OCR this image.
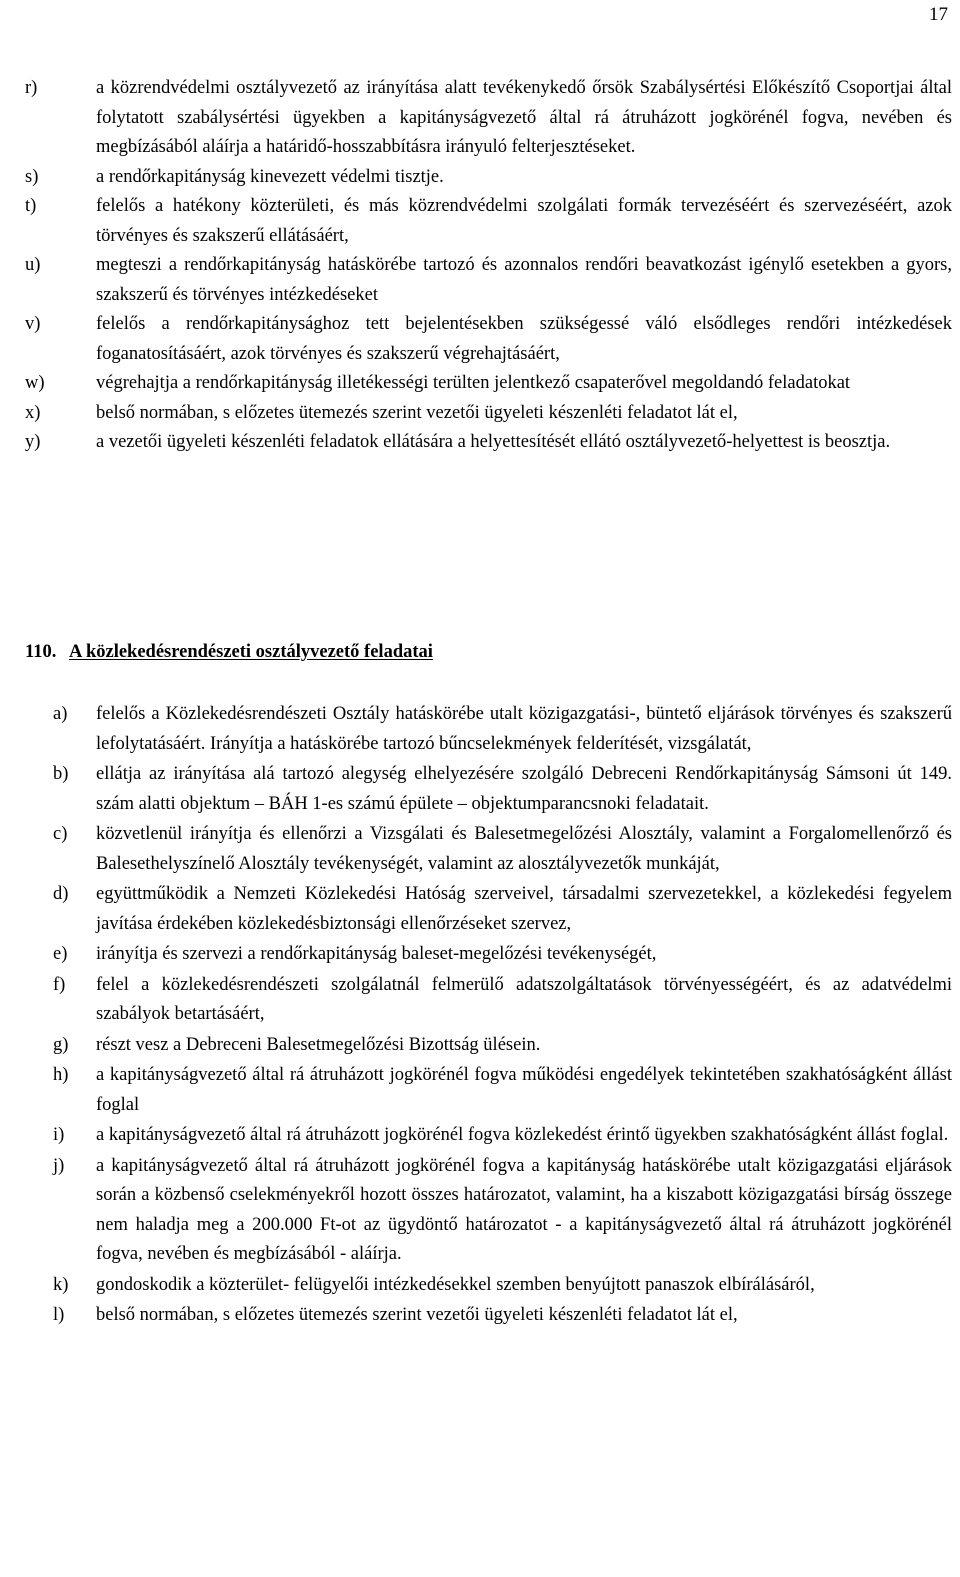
17
r)	a közrendvédelmi osztályvezető az irányítása alatt tevékenykedő őrsök Szabálysértési Előkészítő Csoportjai által folytatott szabálysértési ügyekben a kapitányságvezető által rá átruházott jogkörénél fogva, nevében és megbízásából aláírja a határidő-hosszabbításra irányuló felterjesztéseket.

s)	a rendőrkapitányság kinevezett védelmi tisztje.

t)	felelős a hatékony közterületi, és más közrendvédelmi szolgálati formák tervezéséért és szervezéséért, azok törvényes és szakszerű ellátásáért,

u)	megteszi a rendőrkapitányság hatáskörébe tartozó és azonnalos rendőri beavatkozást igénylő esetekben a gyors, szakszerű és törvényes intézkedéseket

v)	felelős a rendőrkapitánysághoz tett bejelentésekben szükségessé váló elsődleges rendőri intézkedések foganatosításáért, azok törvényes és szakszerű végrehajtásáért,

w)	végrehajtja a rendőrkapitányság illetékességi terülten jelentkező csapaterővel megoldandó feladatokat

x)	belső normában, s előzetes ütemezés szerint vezetői ügyeleti készenléti feladatot lát el,

y)	a vezetői ügyeleti készenléti feladatok ellátására a helyettesítését ellátó osztályvezető-helyettest is beosztja.

110. A közlekedésrendészeti osztályvezető feladatai
a)	felelős a Közlekedésrendészeti Osztály hatáskörébe utalt közigazgatási-, büntető eljárások törvényes és szakszerű lefolytatásáért. Irányítja a hatáskörébe tartozó bűncselekmények felderítését, vizsgálatát,

b)	ellátja az irányítása alá tartozó alegység elhelyezésére szolgáló Debreceni Rendőrkapitányság Sámsoni út 149. szám alatti objektum – BÁH 1-es számú épülete – objektumparancsnoki feladatait.

c)	közvetlenül irányítja és ellenőrzi a Vizsgálati és Balesetmegelőzési Alosztály, valamint a Forgalomellenőrző és Balesethelyszínelő Alosztály tevékenységét, valamint az alosztályvezetők munkáját,

d)	együttműködik a Nemzeti Közlekedési Hatóság szerveivel, társadalmi szervezetekkel, a közlekedési fegyelem javítása érdekében közlekedésbiztonsági ellenőrzéseket szervez,

e)	irányítja és szervezi a rendőrkapitányság baleset-megelőzési tevékenységét,

f)	felel a közlekedésrendészeti szolgálatnál felmerülő adatszolgáltatások törvényességéért, és az adatvédelmi szabályok betartásáért,

g)	részt vesz a Debreceni Balesetmegelőzési Bizottság ülésein.

h)	a kapitányságvezető által rá átruházott jogkörénél fogva működési engedélyek tekintetében szakhatóságként állást foglal

i)	a kapitányságvezető által rá átruházott jogkörénél fogva közlekedést érintő ügyekben szakhatóságként állást foglal.

j)	a kapitányságvezető által rá átruházott jogkörénél fogva a kapitányság hatáskörébe utalt közigazgatási eljárások során a közbenső cselekményekről hozott összes határozatot, valamint, ha a kiszabott közigazgatási bírság összege nem haladja meg a 200.000 Ft-ot az ügydöntő határozatot - a kapitányságvezető által rá átruházott jogkörénél fogva, nevében és megbízásából - aláírja.

k)	gondoskodik a közterület- felügyelői intézkedésekkel szemben benyújtott panaszok elbírálásáról,

l)	belső normában, s előzetes ütemezés szerint vezetői ügyeleti készenléti feladatot lát el,
